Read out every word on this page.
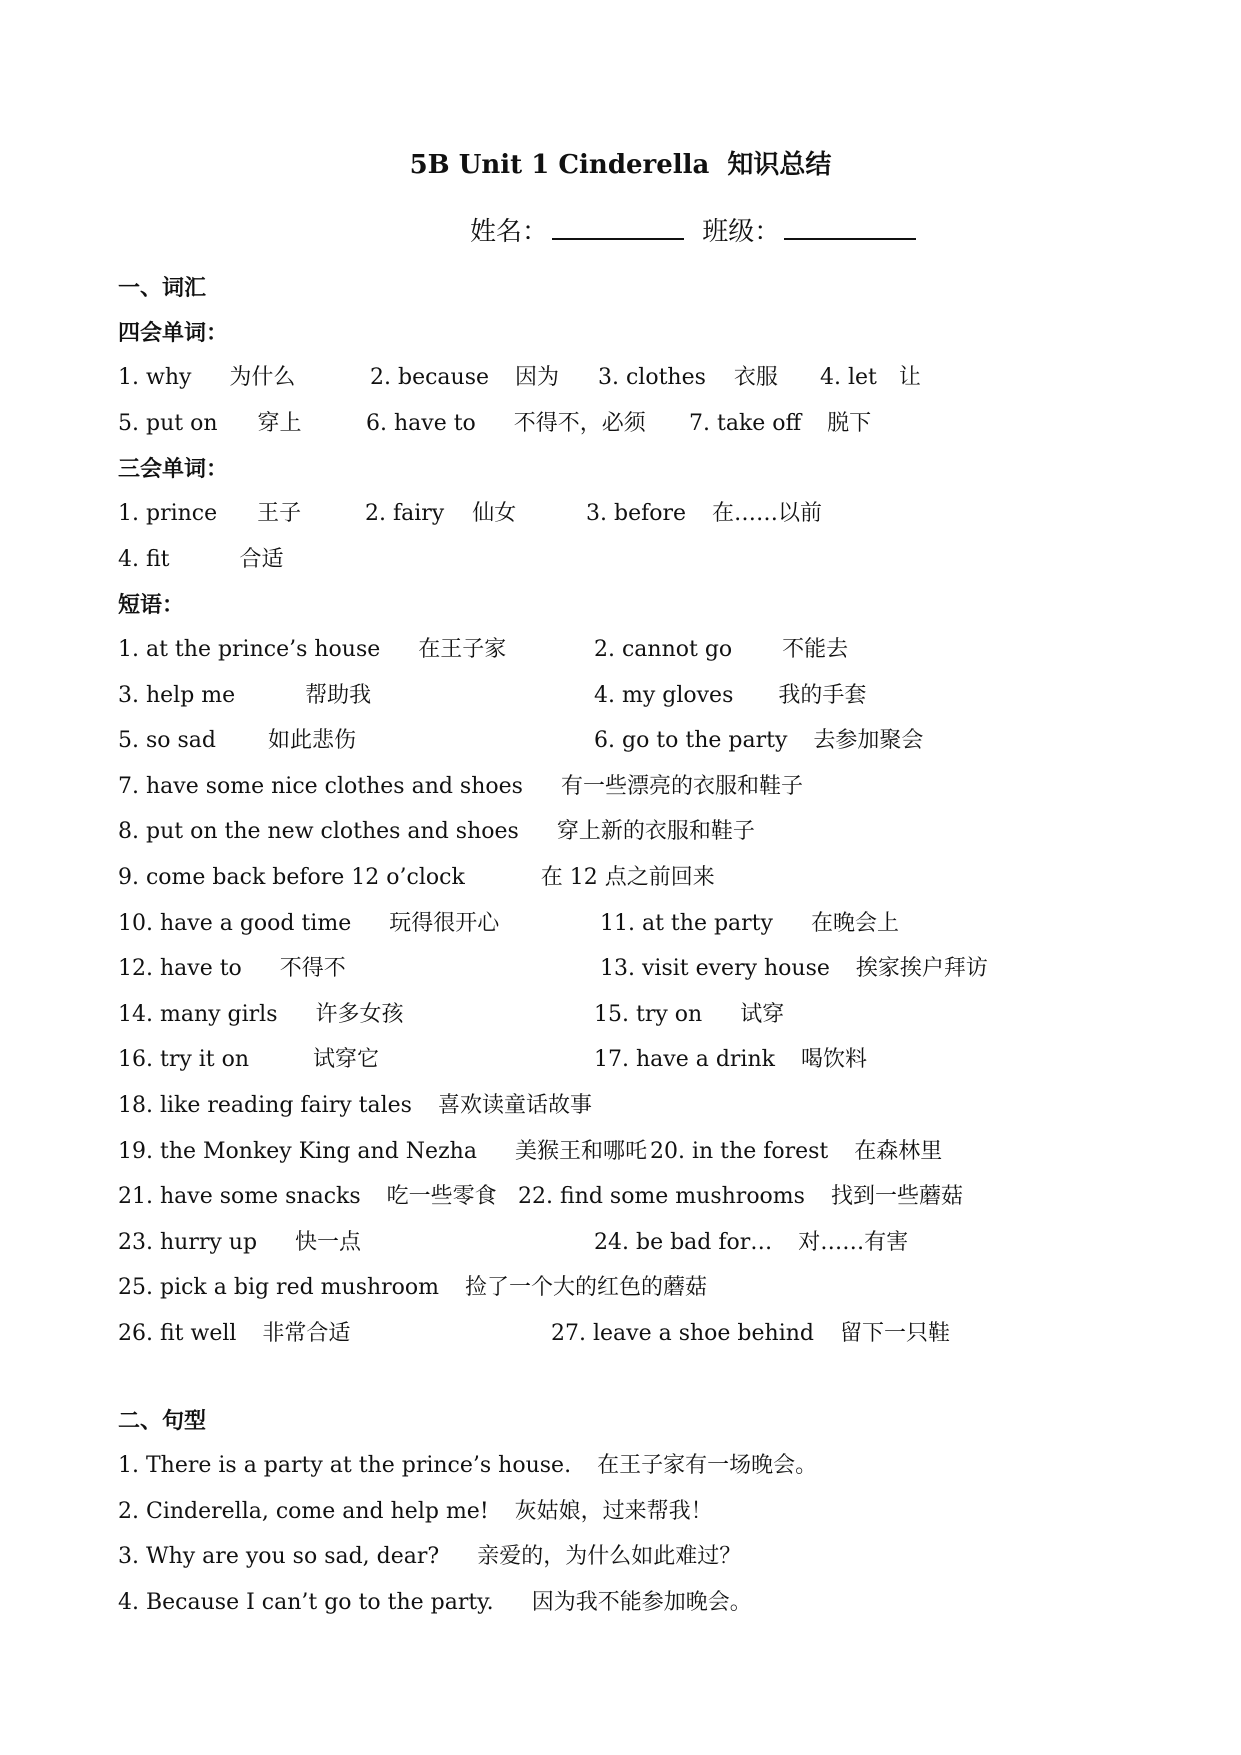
5B Unit 1 Cinderella 知识总结
姓名：	班级：
一、词汇
四会单词：
1. why 为什么	2. because 因为 3. clothes 衣服 4. let 让
5. put on 穿上	6. have to 不得不，必须 7. take off 脱下
三会单词：
1. prince 王子	2. fairy 仙女	3. before 在……以前
4. fit	合适
短语：
1. at the prince’s house 在王子家	2. cannot go 不能去
3. help me	帮助我	4. my gloves 我的手套
5. so sad 如此悲伤	6. go to the party 去参加聚会
7. have some nice clothes and shoes 有一些漂亮的衣服和鞋子
8. put on the new clothes and shoes 穿上新的衣服和鞋子
9. come back before 12 o’clock	在 12 点之前回来
10. have a good time 玩得很开心	11. at the party 在晚会上
12. have to 不得不	13. visit every house 挨家挨户拜访
14. many girls 许多女孩	15. try on 试穿
16. try it on	试穿它	17. have a drink 喝饮料
18. like reading fairy tales 喜欢读童话故事
19. the Monkey King and Nezha 美猴王和哪吒 20. in the forest 在森林里
21. have some snacks 吃一些零食 22. find some mushrooms 找到一些蘑菇
23. hurry up 快一点	24. be bad for… 对……有害
25. pick a big red mushroom 捡了一个大的红色的蘑菇
26. fit well 非常合适	27. leave a shoe behind 留下一只鞋
二、句型
1. There is a party at the prince’s house. 在王子家有一场晚会。
2. Cinderella, come and help me! 灰姑娘，过来帮我！
3. Why are you so sad, dear? 亲爱的，为什么如此难过？
4. Because I can’t go to the party. 因为我不能参加晚会。
